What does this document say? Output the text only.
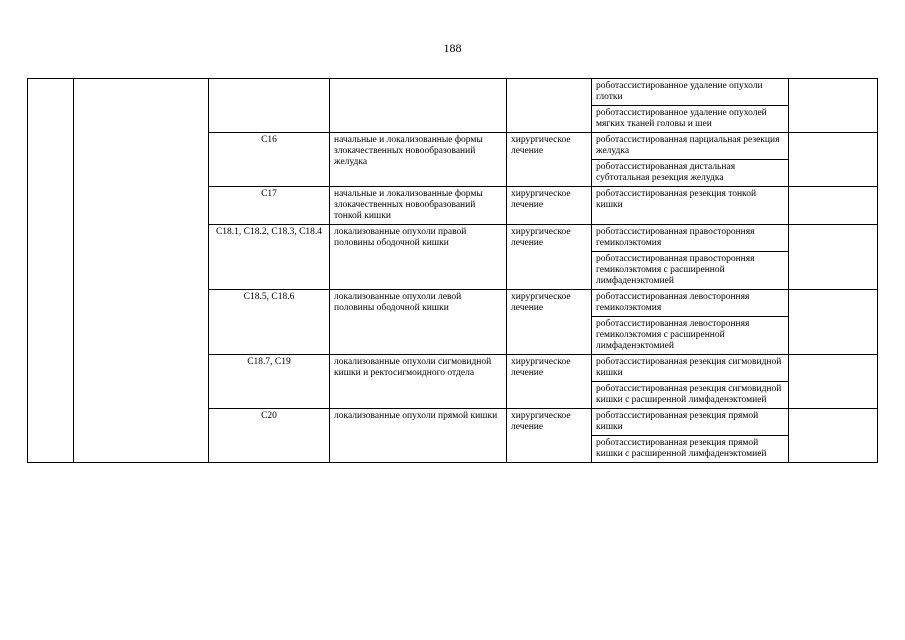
188

					роботассистированное удаление опухоли глотки
роботассистированное удаление опухолей мягких тканей головы и шеи	

		C16	начальные и локализованные формы злокачественных новообразований желудка	хирургическое лечение	роботассистированная парциальная резекция желудка
роботассистированная дистальная субтотальная резекция желудка	

		C17	начальные и локализованные формы злокачественных новообразований тонкой кишки	хирургическое лечение	роботассистированная резекция тонкой кишки	

		C18.1, C18.2, C18.3, C18.4	локализованные опухоли правой половины ободочной кишки	хирургическое лечение	роботассистированная правосторонняя гемиколэктомия
роботассистированная правосторонняя гемиколэктомия с расширенной лимфаденэктомией	

		C18.5, C18.6	локализованные опухоли левой половины ободочной кишки	хирургическое лечение	роботассистированная левосторонняя гемиколэктомия
роботассистированная левосторонняя гемиколэктомия с расширенной лимфаденэктомией	

		C18.7, C19	локализованные опухоли сигмовидной кишки и ректосигмоидного отдела	хирургическое лечение	роботассистированная резекция сигмовидной кишки
роботассистированная резекция сигмовидной кишки с расширенной лимфаденэктомией	

		C20	локализованные опухоли прямой кишки	хирургическое лечение	роботассистированная резекция прямой кишки
роботассистированная резекция прямой кишки с расширенной лимфаденэктомией	
